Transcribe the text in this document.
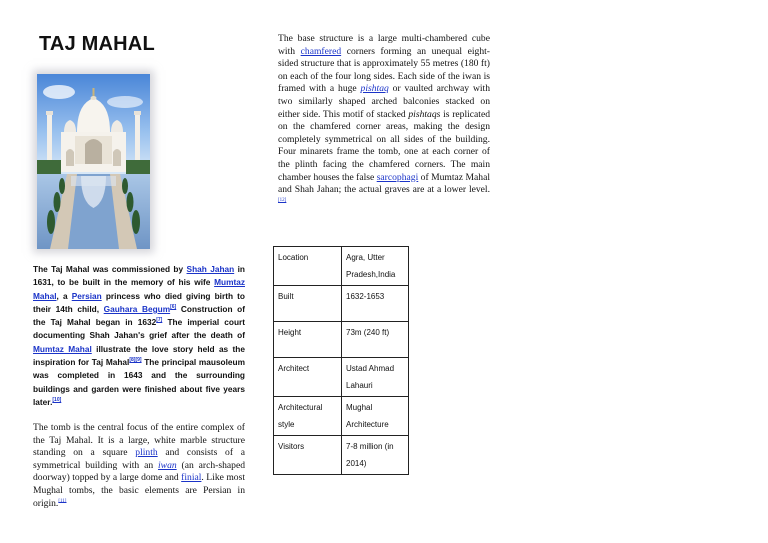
TAJ MAHAL

The Taj Mahal was commissioned by Shah Jahan in 1631, to be built in the memory of his wife Mumtaz Mahal, a Persian princess who died giving birth to their 14th child, Gauhara Begum[6] Construction of the Taj Mahal began in 1632[7] The imperial court documenting Shah Jahan's grief after the death of Mumtaz Mahal illustrate the love story held as the inspiration for Taj Mahal[8][9] The principal mausoleum was completed in 1643 and the surrounding buildings and garden were finished about five years later.[10]

The tomb is the central focus of the entire complex of the Taj Mahal. It is a large, white marble structure standing on a square plinth and consists of a symmetrical building with an iwan (an arch-shaped doorway) topped by a large dome and finial. Like most Mughal tombs, the basic elements are Persian in origin.[11]

The base structure is a large multi-chambered cube with chamfered corners forming an unequal eight-sided structure that is approximately 55 metres (180 ft) on each of the four long sides. Each side of the iwan is framed with a huge pishtaq or vaulted archway with two similarly shaped arched balconies stacked on either side. This motif of stacked pishtaqs is replicated on the chamfered corner areas, making the design completely symmetrical on all sides of the building. Four minarets frame the tomb, one at each corner of the plinth facing the chamfered corners. The main chamber houses the false sarcophagi of Mumtaz Mahal and Shah Jahan; the actual graves are at a lower level.[12]

Location	Agra, Utter Pradesh,India
Built	1632-1653
Height	73m (240 ft)
Architect	Ustad Ahmad Lahauri
Architectural style	Mughal Architecture
Visitors	7-8 million (in 2014)
